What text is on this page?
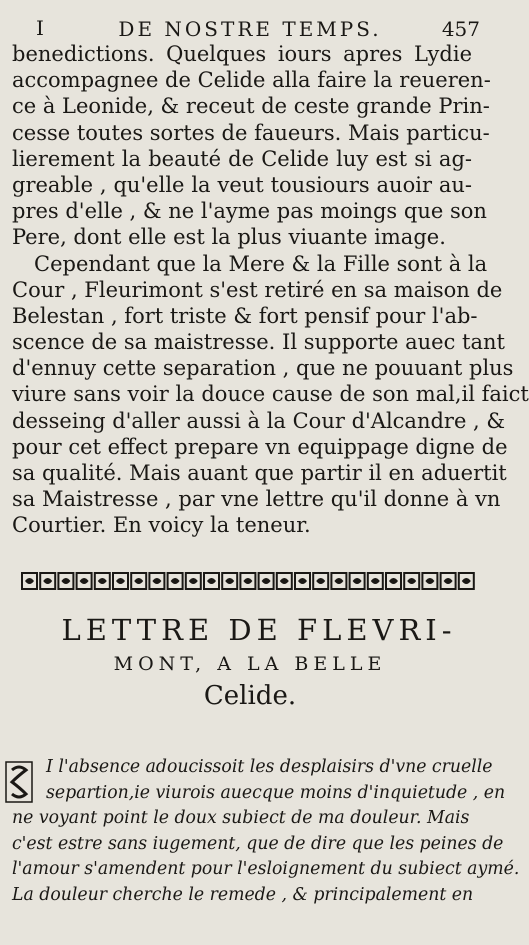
I	DE NOSTRE TEMPS.	457
benedictions. Quelques iours apres Lydie
accompagnee de Celide alla faire la reueren-
ce à Leonide, & receut de ceste grande Prin-
cesse toutes sortes de faueurs. Mais particu-
lierement la beauté de Celide luy est si ag-
greable , qu'elle la veut tousiours auoir au-
pres d'elle , & ne l'ayme pas moings que son
Pere, dont elle est la plus viuante image.
Cependant que la Mere & la Fille sont à la
Cour , Fleurimont s'est retiré en sa maison de
Belestan , fort triste & fort pensif pour l'ab-
scence de sa maistresse. Il supporte auec tant
d'ennuy cette separation , que ne pouuant plus
viure sans voir la douce cause de son mal,il faict
desseing d'aller aussi à la Cour d'Alcandre , &
pour cet effect prepare vn equippage digne de
sa qualité. Mais auant que partir il en aduertit
sa Maistresse , par vne lettre qu'il donne à vn
Courtier. En voicy la teneur.
LETTRE DE FLEVRI-
MONT, A LA BELLE
Celide.
I l'absence adoucissoit les desplaisirs d'vne cruelle
separtion,ie viurois auecque moins d'inquietude , en
ne voyant point le doux subiect de ma douleur. Mais
c'est estre sans iugement, que de dire que les peines de
l'amour s'amendent pour l'esloignement du subiect aymé.
La douleur cherche le remede , & principalement en
